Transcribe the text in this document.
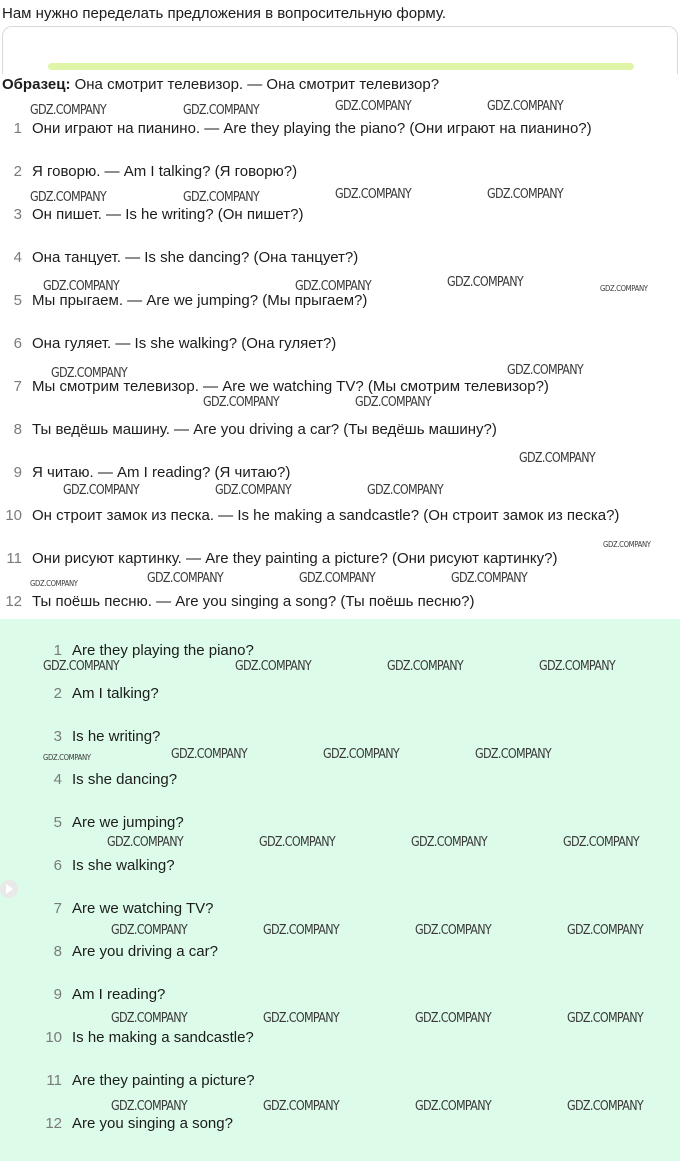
Нам нужно переделать предложения в вопросительную форму.
Образец: Она смотрит телевизор. — Она смотрит телевизор?
1 Они играют на пианино. — Are they playing the piano? (Они играют на пианино?)
2 Я говорю. — Am I talking? (Я говорю?)
3 Он пишет. — Is he writing? (Он пишет?)
4 Она танцует. — Is she dancing? (Она танцует?)
5 Мы прыгаем. — Are we jumping? (Мы прыгаем?)
6 Она гуляет. — Is she walking? (Она гуляет?)
7 Мы смотрим телевизор. — Are we watching TV? (Мы смотрим телевизор?)
8 Ты ведёшь машину. — Are you driving a car? (Ты ведёшь машину?)
9 Я читаю. — Am I reading? (Я читаю?)
10 Он строит замок из песка. — Is he making a sandcastle? (Он строит замок из песка?)
11 Они рисуют картинку. — Are they painting a picture? (Они рисуют картинку?)
12 Ты поёшь песню. — Are you singing a song? (Ты поёшь песню?)
1 Are they playing the piano?
2 Am I talking?
3 Is he writing?
4 Is she dancing?
5 Are we jumping?
6 Is she walking?
7 Are we watching TV?
8 Are you driving a car?
9 Am I reading?
10 Is he making a sandcastle?
11 Are they painting a picture?
12 Are you singing a song?
GDZ.COMPANY	GDZ.COMPANY	GDZ.COMPANY	GDZ.COMPANY
GDZ.COMPANY	GDZ.COMPANY	GDZ.COMPANY	GDZ.COMPANY
GDZ.COMPANY	GDZ.COMPANY	GDZ.COMPANY	GDZ.COMPANY
GDZ.COMPANY	GDZ.COMPANY
GDZ.COMPANY	GDZ.COMPANY
GDZ.COMPANY
GDZ.COMPANY	GDZ.COMPANY	GDZ.COMPANY
GDZ.COMPANY
GDZ.COMPANY	GDZ.COMPANY	GDZ.COMPANY	GDZ.COMPANY
GDZ.COMPANY	GDZ.COMPANY	GDZ.COMPANY	GDZ.COMPANY
GDZ.COMPANY	GDZ.COMPANY	GDZ.COMPANY	GDZ.COMPANY
GDZ.COMPANY	GDZ.COMPANY	GDZ.COMPANY	GDZ.COMPANY
GDZ.COMPANY	GDZ.COMPANY	GDZ.COMPANY	GDZ.COMPANY
GDZ.COMPANY	GDZ.COMPANY	GDZ.COMPANY	GDZ.COMPANY
GDZ.COMPANY	GDZ.COMPANY	GDZ.COMPANY	GDZ.COMPANY
